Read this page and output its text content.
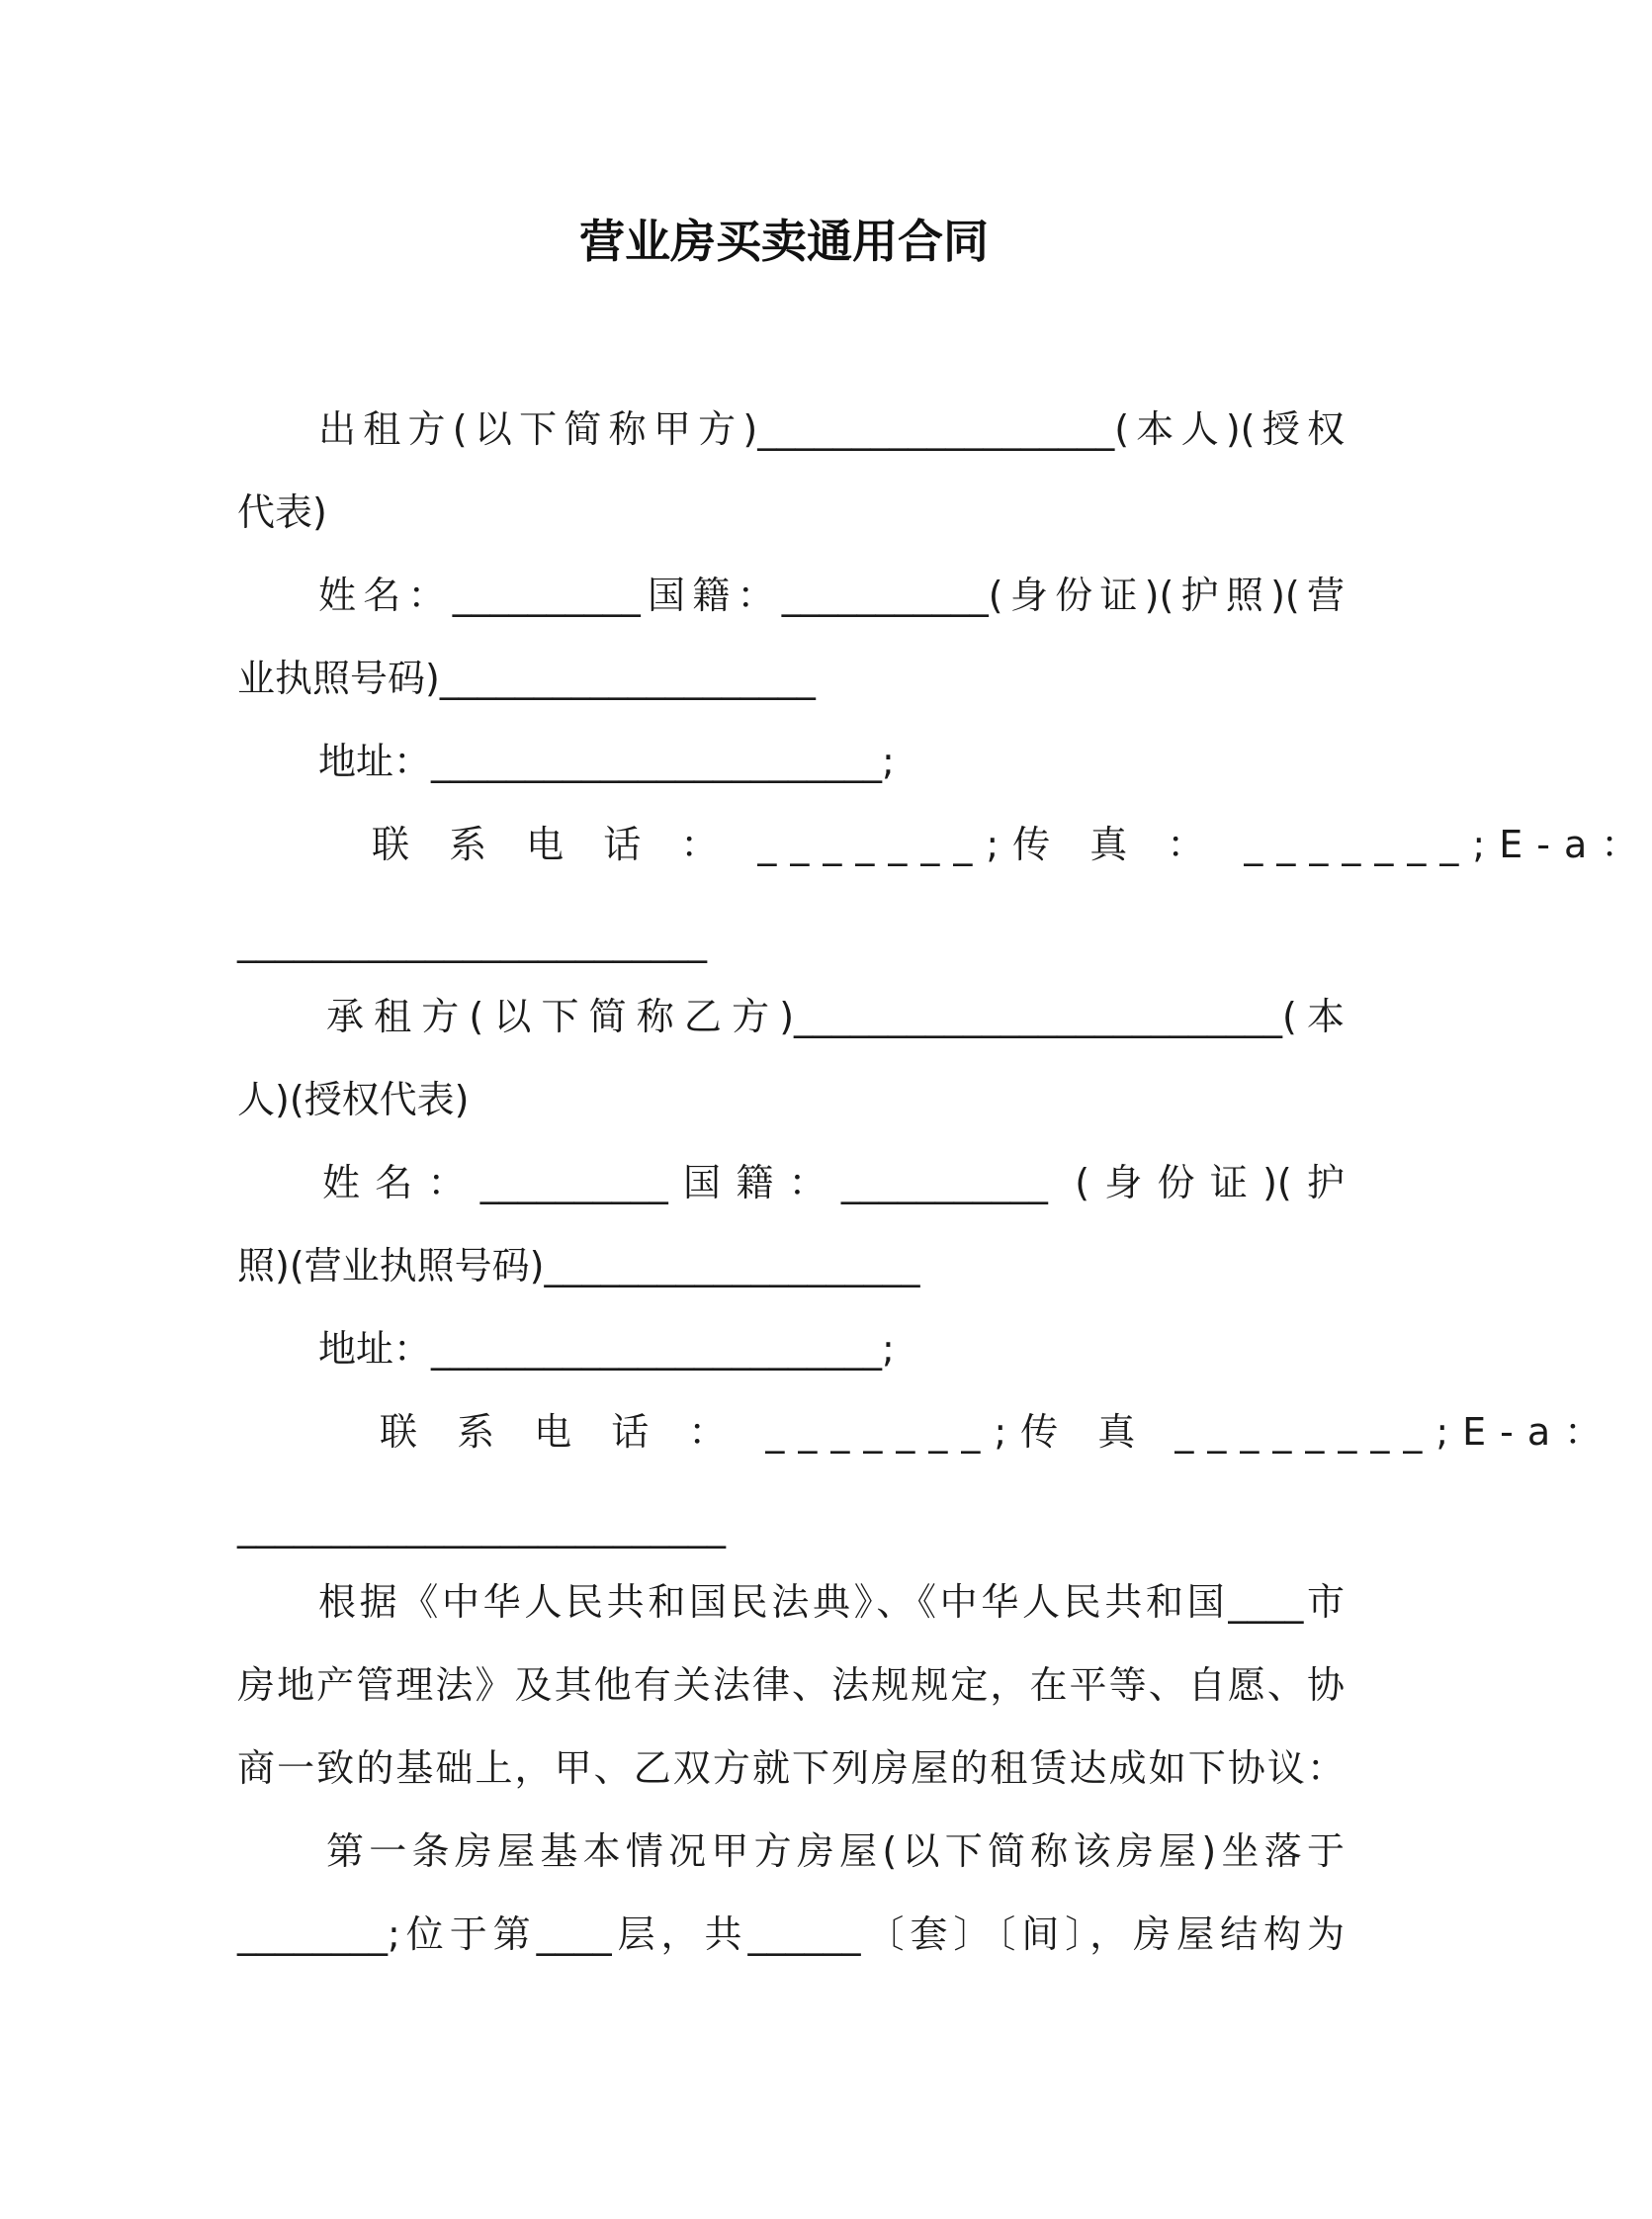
营业房买卖通用合同
出租方(以下简称甲方)___________________(本人)(授权
代表)
姓名：__________国籍：___________(身份证)(护照)(营
业执照号码)____________________
地址：________________________;
联 系 电 话 ： _______;传 真 ： _______;E-a：
_________________________
承租方(以下简称乙方)__________________________(本
人)(授权代表)
姓名：__________国籍：___________ (身份证)(护
照)(营业执照号码)____________________
地址：________________________;
联 系 电 话 ： _______;传 真 ________;E-a：
__________________________
根据《中华人民共和国民法典》、《中华人民共和国____市
房地产管理法》及其他有关法律、法规规定，在平等、自愿、协
商一致的基础上，甲、乙双方就下列房屋的租赁达成如下协议：
第一条房屋基本情况甲方房屋(以下简称该房屋)坐落于
________;位于第____层，共______〔套〕〔间〕，房屋结构为
